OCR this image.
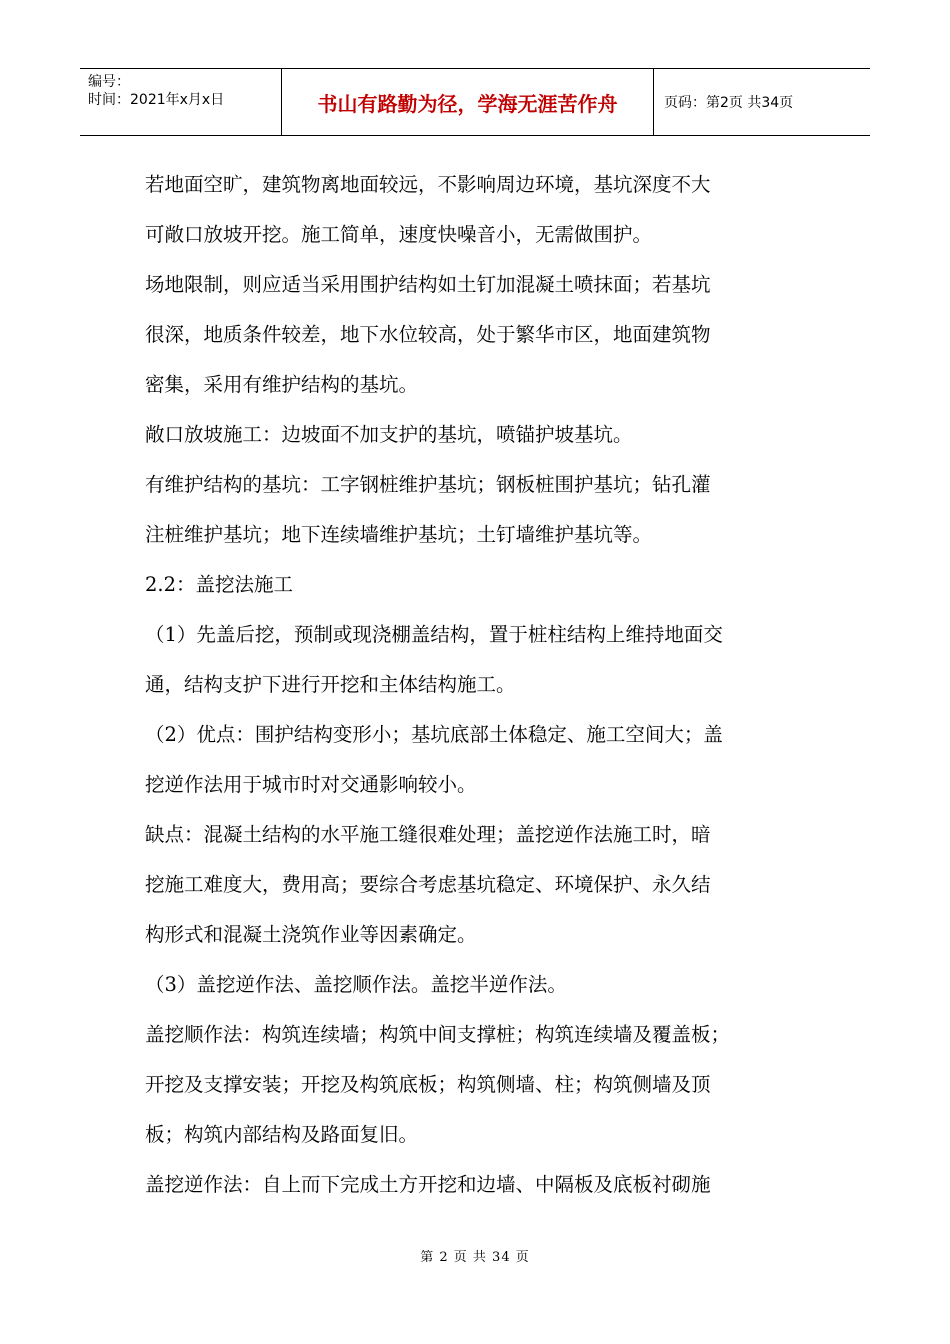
编号：
时间：2021年x月x日	书山有路勤为径，学海无涯苦作舟	页码：第2页 共34页
若地面空旷，建筑物离地面较远，不影响周边环境，基坑深度不大
可敞口放坡开挖。施工简单，速度快噪音小，无需做围护。
场地限制，则应适当采用围护结构如土钉加混凝土喷抹面；若基坑
很深，地质条件较差，地下水位较高，处于繁华市区，地面建筑物
密集，采用有维护结构的基坑。
敞口放坡施工：边坡面不加支护的基坑，喷锚护坡基坑。
有维护结构的基坑：工字钢桩维护基坑；钢板桩围护基坑；钻孔灌
注桩维护基坑；地下连续墙维护基坑；土钉墙维护基坑等。
2.2：盖挖法施工
（1）先盖后挖，预制或现浇棚盖结构，置于桩柱结构上维持地面交
通，结构支护下进行开挖和主体结构施工。
（2）优点：围护结构变形小；基坑底部土体稳定、施工空间大；盖
挖逆作法用于城市时对交通影响较小。
缺点：混凝土结构的水平施工缝很难处理；盖挖逆作法施工时，暗
挖施工难度大，费用高；要综合考虑基坑稳定、环境保护、永久结
构形式和混凝土浇筑作业等因素确定。
（3）盖挖逆作法、盖挖顺作法。盖挖半逆作法。
盖挖顺作法：构筑连续墙；构筑中间支撑桩；构筑连续墙及覆盖板；
开挖及支撑安装；开挖及构筑底板；构筑侧墙、柱；构筑侧墙及顶
板；构筑内部结构及路面复旧。
盖挖逆作法：自上而下完成土方开挖和边墙、中隔板及底板衬砌施
第 2 页 共 34 页
